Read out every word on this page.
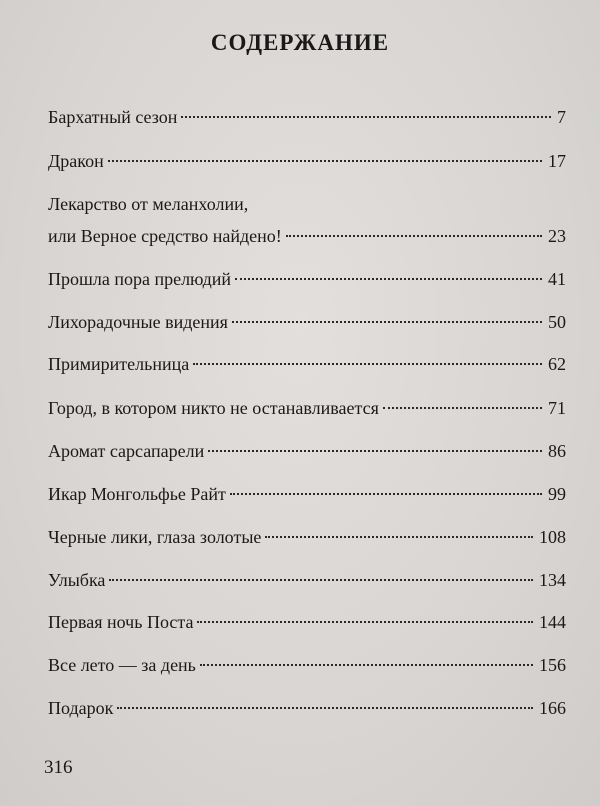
СОДЕРЖАНИЕ
Бархатный сезон	7
Дракон	17
Лекарство от меланхолии,
или Верное средство найдено!	23
Прошла пора прелюдий	41
Лихорадочные видения	50
Примирительница	62
Город, в котором никто не останавливается	71
Аромат сарсапарели	86
Икар Монгольфье Райт	99
Черные лики, глаза золотые	108
Улыбка	134
Первая ночь Поста	144
Все лето — за день	156
Подарок	166
316
